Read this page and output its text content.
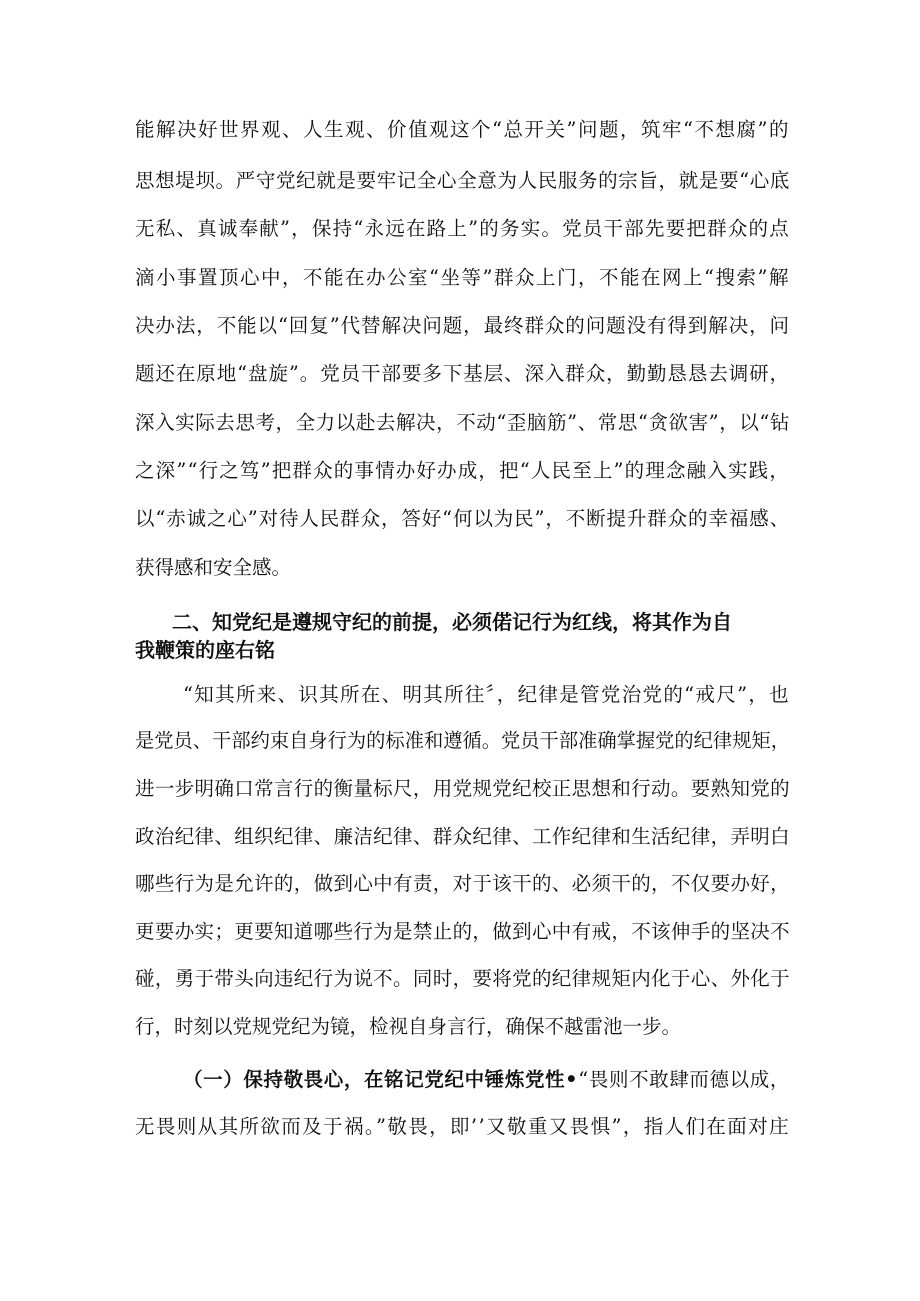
能解决好世界观、人生观、价值观这个“总开关”问题，筑牢“不想腐”的
思想堤坝。严守党纪就是要牢记全心全意为人民服务的宗旨，就是要“心底
无私、真诚奉献”，保持“永远在路上”的务实。党员干部先要把群众的点
滴小事置顶心中，不能在办公室“坐等”群众上门，不能在网上“搜索”解
决办法，不能以“回复”代替解决问题，最终群众的问题没有得到解决，问
题还在原地“盘旋”。党员干部要多下基层、深入群众，勤勤恳恳去调研，
深入实际去思考，全力以赴去解决，不动“歪脑筋”、常思“贪欲害”，以“钻
之深”“行之笃”把群众的事情办好办成，把“人民至上”的理念融入实践，
以“赤诚之心”对待人民群众，答好“何以为民”，不断提升群众的幸福感、
获得感和安全感。
二、知党纪是遵规守纪的前提，必须偌记行为红线，将其作为自
我鞭策的座右铭
“知其所来、识其所在、明其所往〞，纪律是管党治党的“戒尺”，也
是党员、干部约束自身行为的标准和遵循。党员干部准确掌握党的纪律规矩，
进一步明确口常言行的衡量标尺，用党规党纪校正思想和行动。要熟知党的
政治纪律、组织纪律、廉洁纪律、群众纪律、工作纪律和生活纪律，弄明白
哪些行为是允许的，做到心中有责，对于该干的、必须干的，不仅要办好，
更要办实；更要知道哪些行为是禁止的，做到心中有戒，不该伸手的坚决不
碰，勇于带头向违纪行为说不。同时，要将党的纪律规矩内化于心、外化于
行，时刻以党规党纪为镜，检视自身言行，确保不越雷池一步。
（一）保持敬畏心，在铭记党纪中锤炼党性•“畏则不敢肆而德以成，
无畏则从其所欲而及于祸。”敬畏，即’’又敬重又畏惧”，指人们在面对庄
